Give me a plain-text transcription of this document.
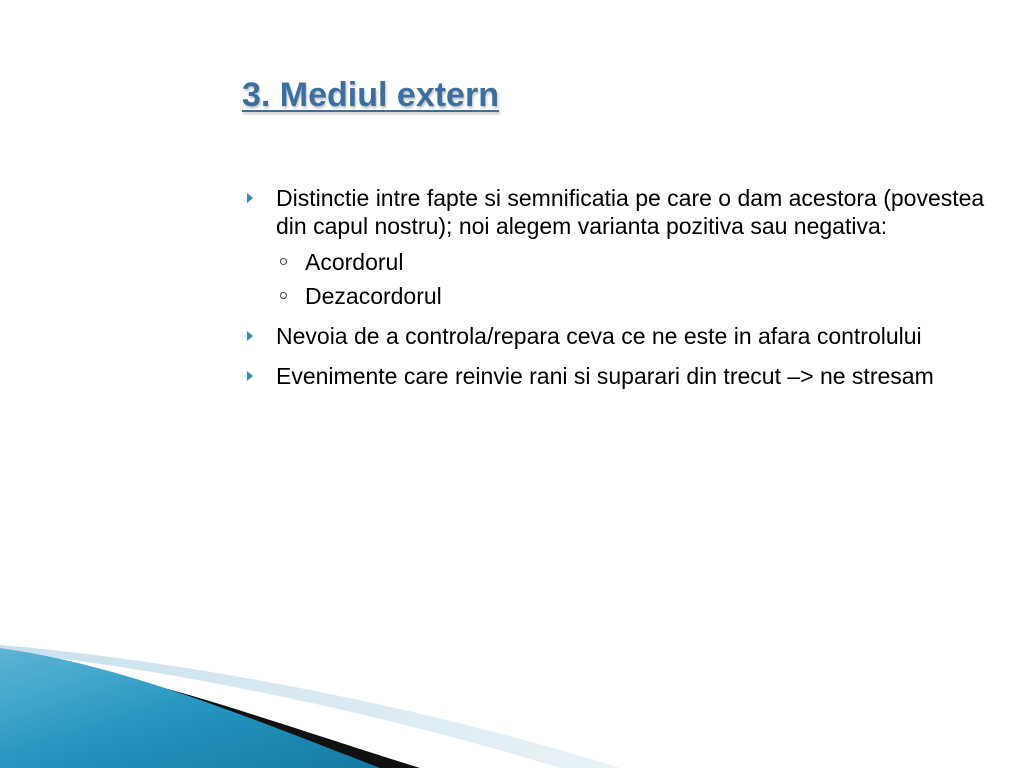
3. Mediul extern
Distinctie intre fapte si semnificatia pe care o dam acestora (povestea din capul nostru); noi alegem varianta pozitiva sau negativa:
Acordorul
Dezacordorul
Nevoia de a controla/repara ceva ce ne este in afara controlului
Evenimente care reinvie rani si suparari din trecut –> ne stresam
